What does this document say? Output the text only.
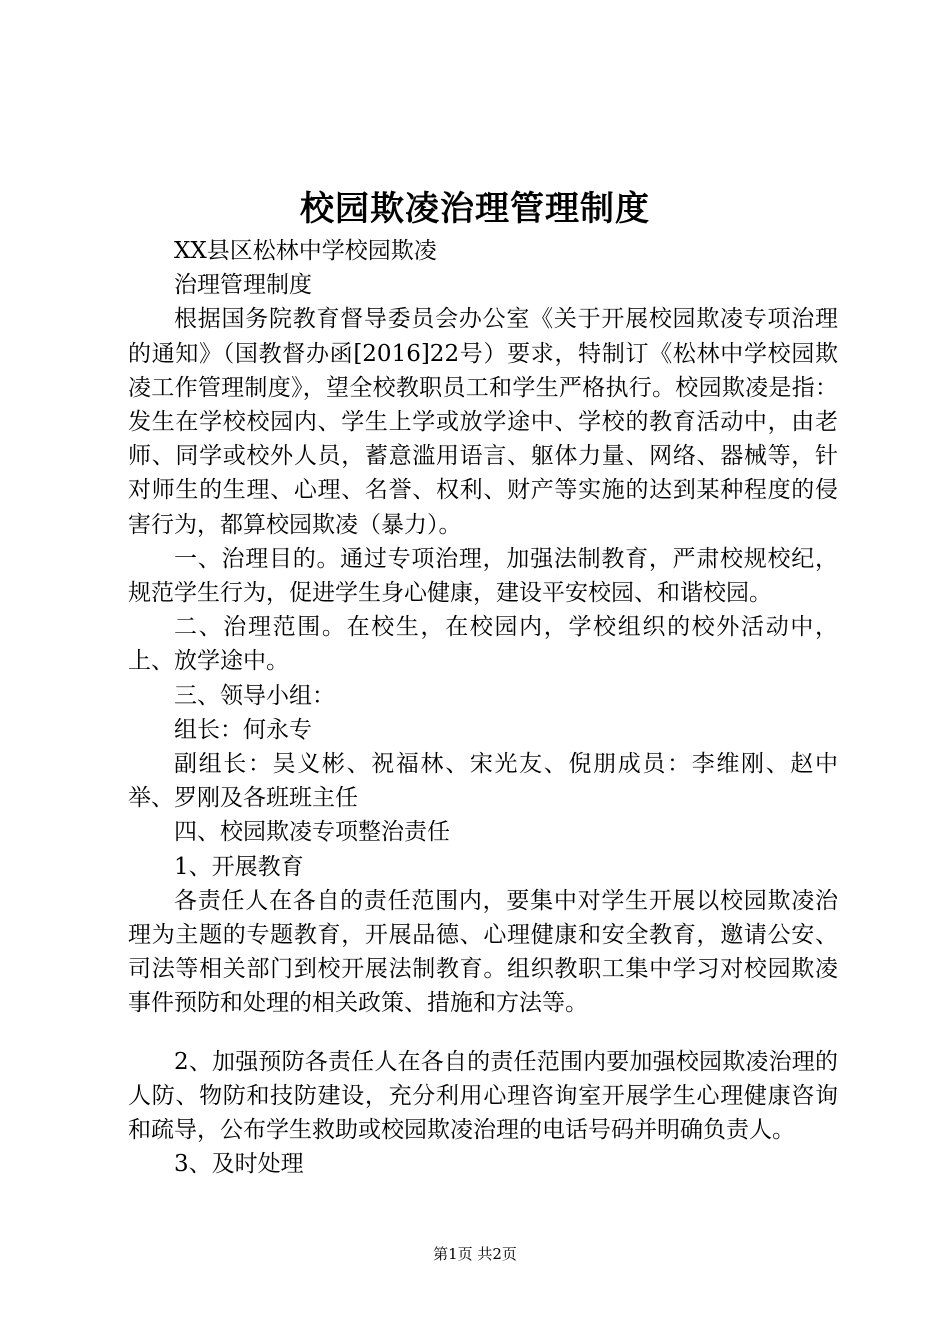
校园欺凌治理管理制度

XX县区松林中学校园欺凌

治理管理制度

根据国务院教育督导委员会办公室《关于开展校园欺凌专项治理的通知》（国教督办函[2016]22号）要求，特制订《松林中学校园欺凌工作管理制度》，望全校教职员工和学生严格执行。校园欺凌是指：发生在学校校园内、学生上学或放学途中、学校的教育活动中，由老师、同学或校外人员，蓄意滥用语言、躯体力量、网络、器械等，针对师生的生理、心理、名誉、权利、财产等实施的达到某种程度的侵害行为，都算校园欺凌（暴力）。

一、治理目的。通过专项治理，加强法制教育，严肃校规校纪，规范学生行为，促进学生身心健康，建设平安校园、和谐校园。

二、治理范围。在校生，在校园内，学校组织的校外活动中，上、放学途中。

三、领导小组：

组长：何永专

副组长：吴义彬、祝福林、宋光友、倪朋成员：李维刚、赵中举、罗刚及各班班主任

四、校园欺凌专项整治责任

1、开展教育

各责任人在各自的责任范围内，要集中对学生开展以校园欺凌治理为主题的专题教育，开展品德、心理健康和安全教育，邀请公安、司法等相关部门到校开展法制教育。组织教职工集中学习对校园欺凌事件预防和处理的相关政策、措施和方法等。

2、加强预防各责任人在各自的责任范围内要加强校园欺凌治理的人防、物防和技防建设，充分利用心理咨询室开展学生心理健康咨询和疏导，公布学生救助或校园欺凌治理的电话号码并明确负责人。

3、及时处理

第1页 共2页
